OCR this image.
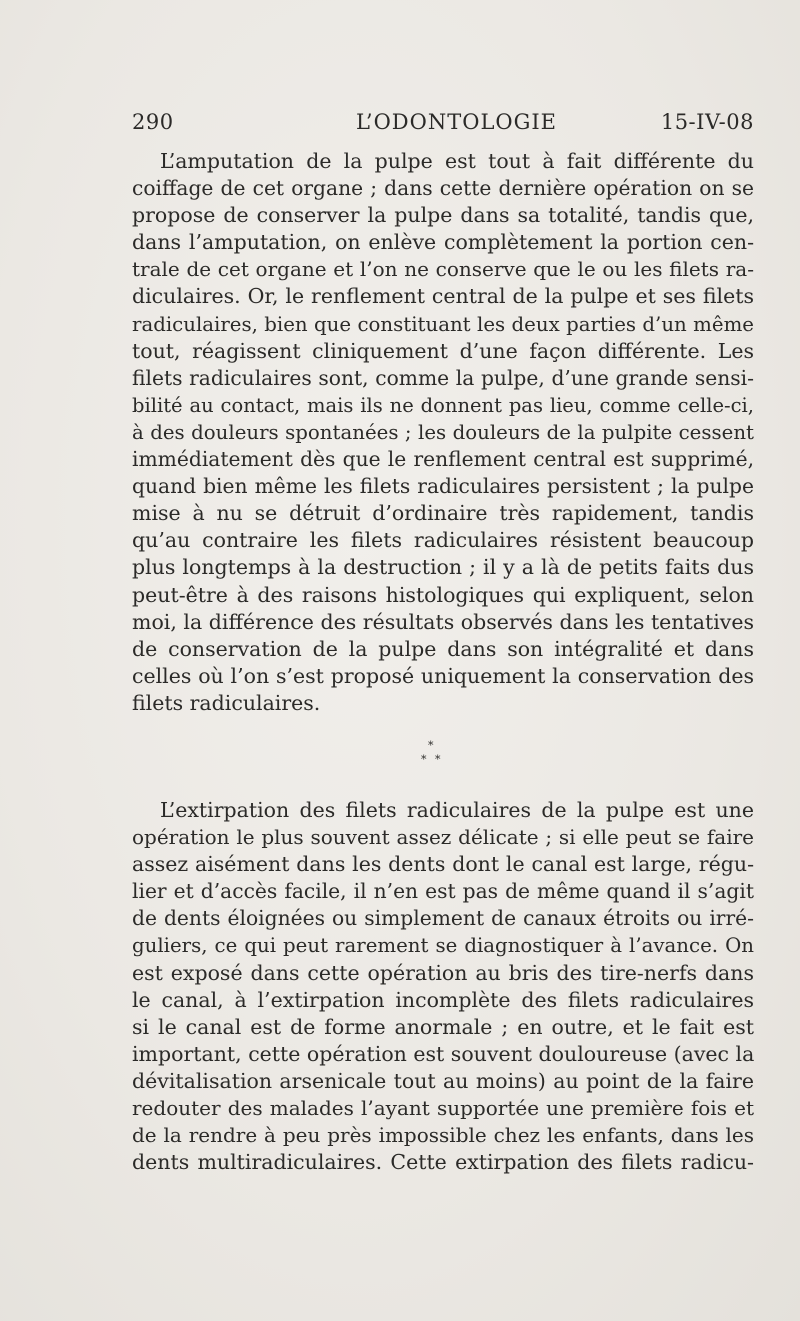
290	L’ODONTOLOGIE	15-IV-08
L’amputation de la pulpe est tout à fait différente du
coiffage de cet organe ; dans cette dernière opération on se
propose de conserver la pulpe dans sa totalité, tandis que,
dans l’amputation, on enlève complètement la portion cen-
trale de cet organe et l’on ne conserve que le ou les filets ra-
diculaires. Or, le renflement central de la pulpe et ses filets
radiculaires, bien que constituant les deux parties d’un même
tout, réagissent cliniquement d’une façon différente. Les
filets radiculaires sont, comme la pulpe, d’une grande sensi-
bilité au contact, mais ils ne donnent pas lieu, comme celle-ci,
à des douleurs spontanées ; les douleurs de la pulpite cessent
immédiatement dès que le renflement central est supprimé,
quand bien même les filets radiculaires persistent ; la pulpe
mise à nu se détruit d’ordinaire très rapidement, tandis
qu’au contraire les filets radiculaires résistent beaucoup
plus longtemps à la destruction ; il y a là de petits faits dus
peut-être à des raisons histologiques qui expliquent, selon
moi, la différence des résultats observés dans les tentatives
de conservation de la pulpe dans son intégralité et dans
celles où l’on s’est proposé uniquement la conservation des
filets radiculaires.
*
* *
L’extirpation des filets radiculaires de la pulpe est une
opération le plus souvent assez délicate ; si elle peut se faire
assez aisément dans les dents dont le canal est large, régu-
lier et d’accès facile, il n’en est pas de même quand il s’agit
de dents éloignées ou simplement de canaux étroits ou irré-
guliers, ce qui peut rarement se diagnostiquer à l’avance. On
est exposé dans cette opération au bris des tire-nerfs dans
le canal, à l’extirpation incomplète des filets radiculaires
si le canal est de forme anormale ; en outre, et le fait est
important, cette opération est souvent douloureuse (avec la
dévitalisation arsenicale tout au moins) au point de la faire
redouter des malades l’ayant supportée une première fois et
de la rendre à peu près impossible chez les enfants, dans les
dents multiradiculaires. Cette extirpation des filets radicu-
